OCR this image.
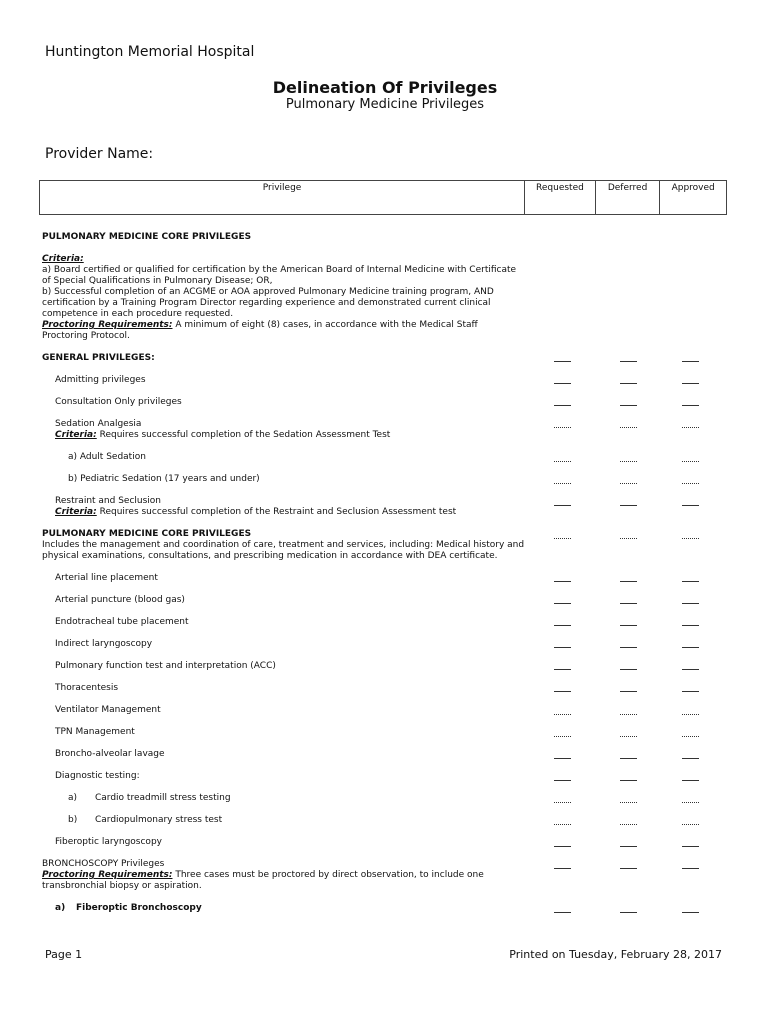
Huntington Memorial Hospital
Delineation Of Privileges
Pulmonary Medicine Privileges
Provider Name:
Privilege	Requested	Deferred	Approved
PULMONARY MEDICINE CORE PRIVILEGES
Criteria:
a) Board certified or qualified for certification by the American Board of Internal Medicine with Certificate
of Special Qualifications in Pulmonary Disease; OR,
b) Successful completion of an ACGME or AOA approved Pulmonary Medicine training program, AND
certification by a Training Program Director regarding experience and demonstrated current clinical
competence in each procedure requested.
Proctoring Requirements: A minimum of eight (8) cases, in accordance with the Medical Staff
Proctoring Protocol.
GENERAL PRIVILEGES:
Admitting privileges
Consultation Only privileges
Sedation Analgesia
Criteria: Requires successful completion of the Sedation Assessment Test
a) Adult Sedation
b) Pediatric Sedation (17 years and under)
Restraint and Seclusion
Criteria: Requires successful completion of the Restraint and Seclusion Assessment test
PULMONARY MEDICINE CORE PRIVILEGES
Includes the management and coordination of care, treatment and services, including: Medical history and
physical examinations, consultations, and prescribing medication in accordance with DEA certificate.
Arterial line placement
Arterial puncture (blood gas)
Endotracheal tube placement
Indirect laryngoscopy
Pulmonary function test and interpretation (ACC)
Thoracentesis
Ventilator Management
TPN Management
Broncho-alveolar lavage
Diagnostic testing:
a) Cardio treadmill stress testing
b) Cardiopulmonary stress test
Fiberoptic laryngoscopy
BRONCHOSCOPY Privileges
Proctoring Requirements: Three cases must be proctored by direct observation, to include one
transbronchial biopsy or aspiration.
a) Fiberoptic Bronchoscopy
Page 1	Printed on Tuesday, February 28, 2017
